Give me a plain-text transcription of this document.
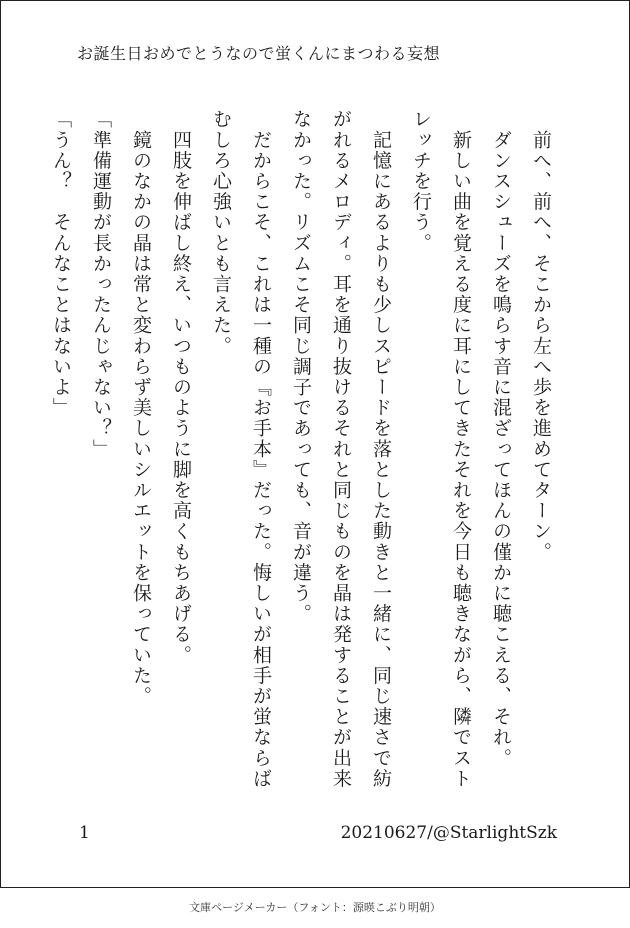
お誕生日おめでとうなので蛍くんにまつわる妄想

　前へ、前へ、そこから左へ歩を進めてターン。

　ダンスシューズを鳴らす音に混ざってほんの僅かに聴こえる、それ。

　新しい曲を覚える度に耳にしてきたそれを今日も聴きながら、隣でストレッチを行う。

　記憶にあるよりも少しスピードを落とした動きと一緒に、同じ速さで紡がれるメロディ。耳を通り抜けるそれと同じものを晶は発することが出来なかった。リズムこそ同じ調子であっても、音が違う。

　だからこそ、これは一種の『お手本』だった。悔しいが相手が蛍ならばむしろ心強いとも言えた。

　四肢を伸ばし終え、いつものように脚を高くもちあげる。

　鏡のなかの晶は常と変わらず美しいシルエットを保っていた。

「準備運動が長かったんじゃない？」

「うん？　そんなことはないよ」

1	20210627/@StarlightSzk
文庫ページメーカー（フォント：源暎こぶり明朝）
